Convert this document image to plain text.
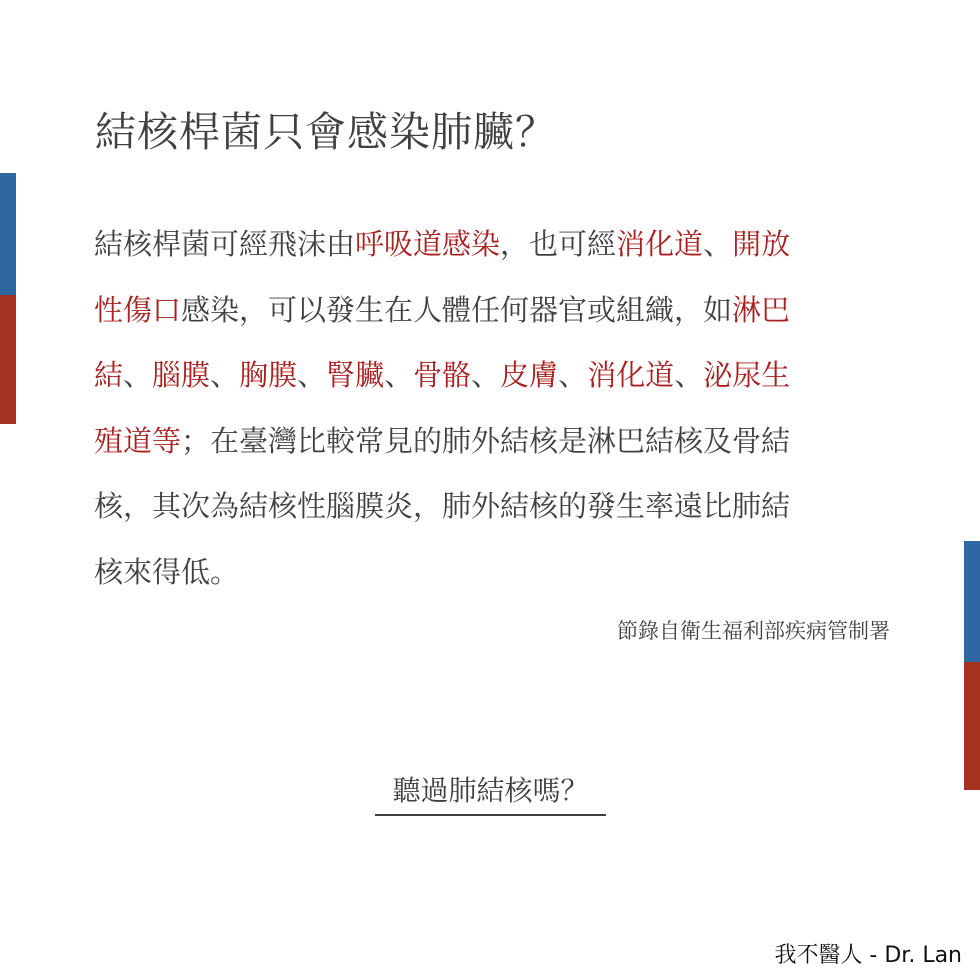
結核桿菌只會感染肺臟？
結核桿菌可經飛沫由呼吸道感染，也可經消化道、開放
性傷口感染，可以發生在人體任何器官或組織，如淋巴
結、腦膜、胸膜、腎臟、骨骼、皮膚、消化道、泌尿生
殖道等；在臺灣比較常見的肺外結核是淋巴結核及骨結
核，其次為結核性腦膜炎，肺外結核的發生率遠比肺結
核來得低。
節錄自衛生福利部疾病管制署
聽過肺結核嗎？
我不醫人 - Dr. Lan
